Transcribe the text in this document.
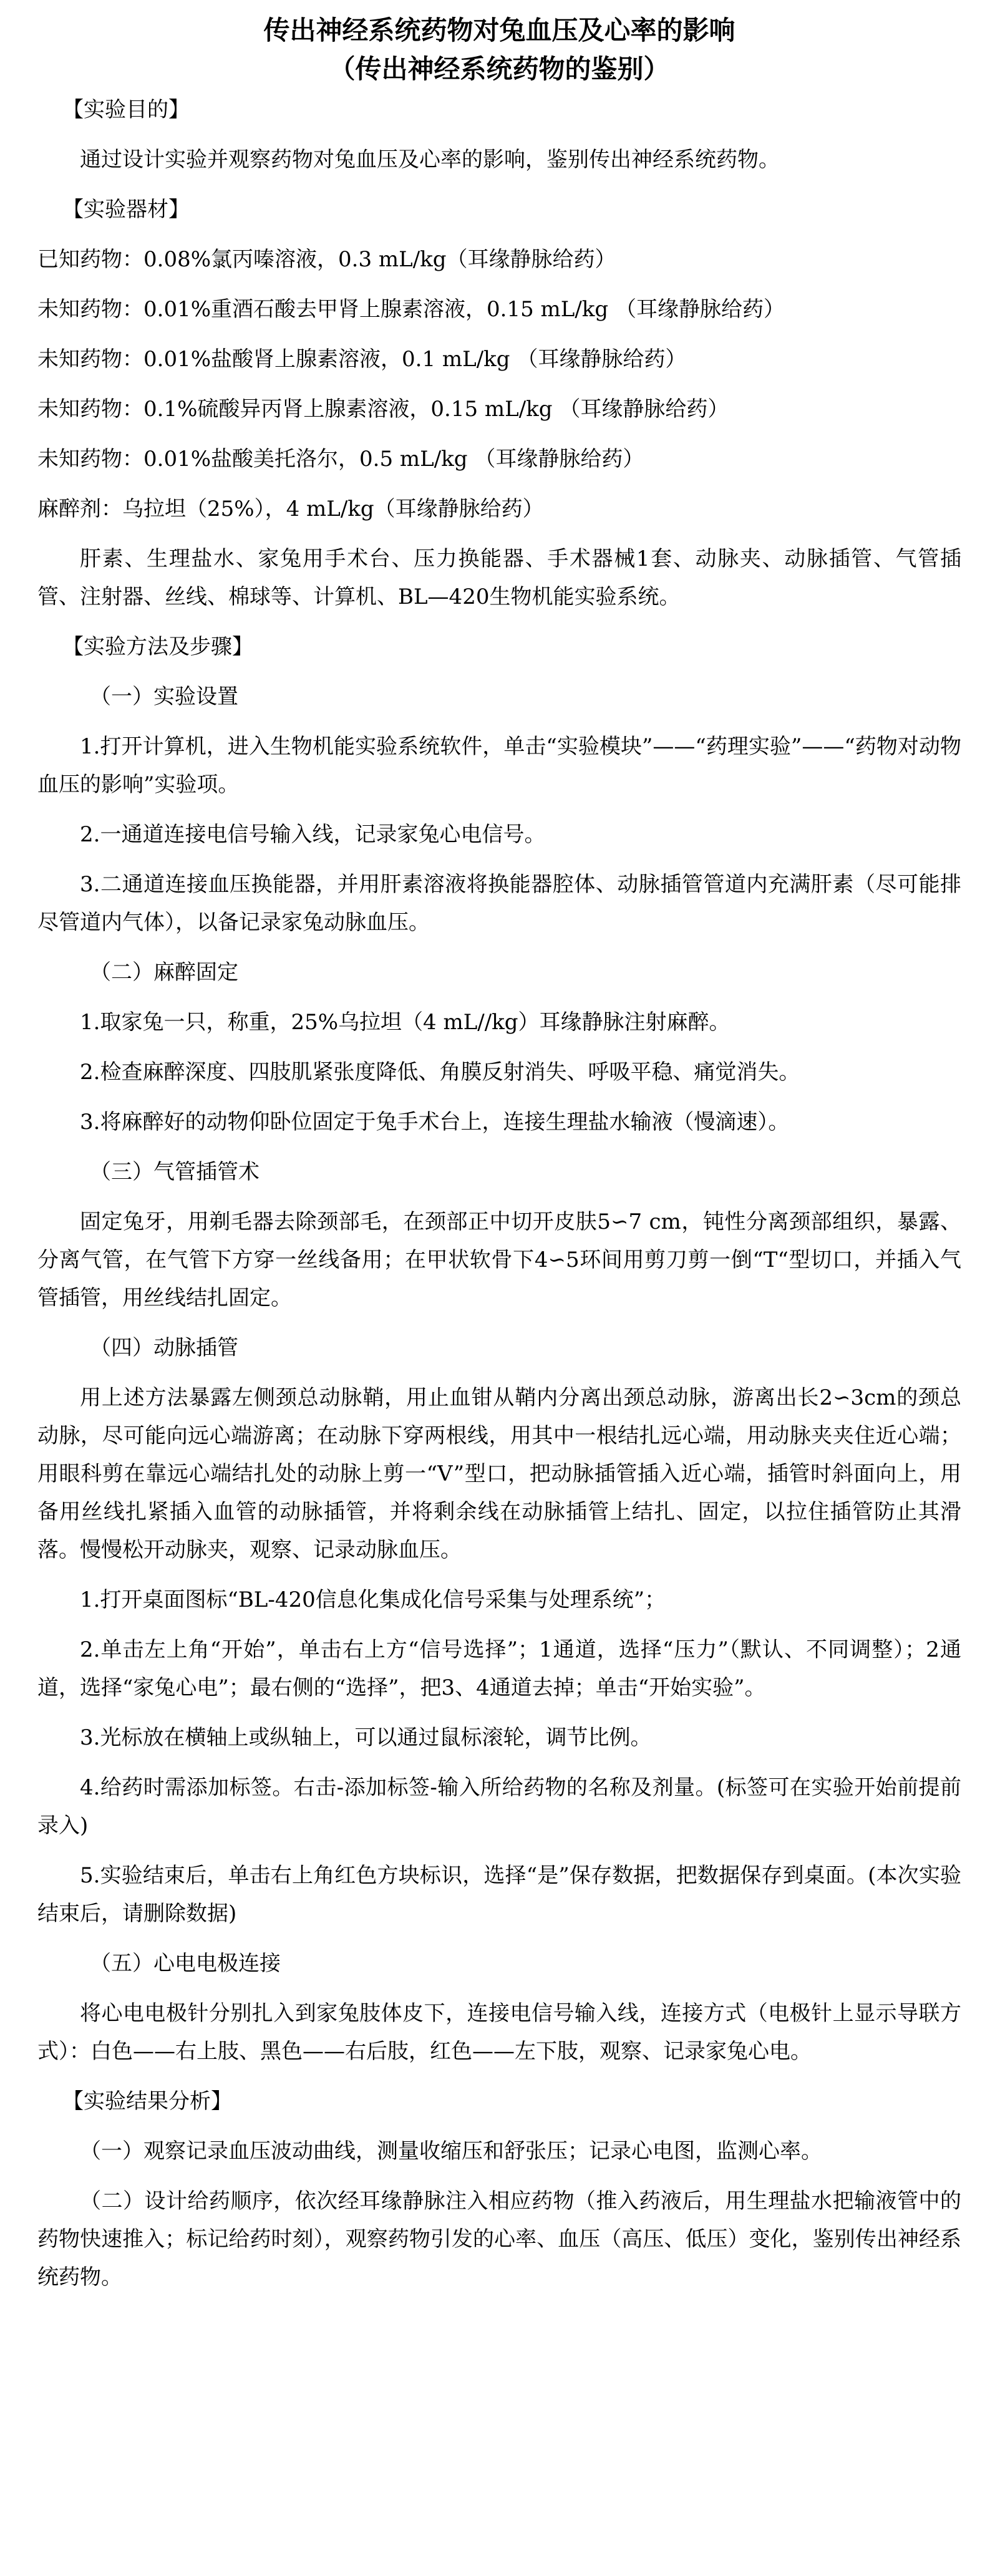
传出神经系统药物对兔血压及心率的影响
（传出神经系统药物的鉴别）

【实验目的】

通过设计实验并观察药物对兔血压及心率的影响，鉴别传出神经系统药物。

【实验器材】

已知药物：0.08%氯丙嗪溶液，0.3 mL/kg（耳缘静脉给药）

未知药物：0.01%重酒石酸去甲肾上腺素溶液，0.15 mL/kg （耳缘静脉给药）

未知药物：0.01%盐酸肾上腺素溶液，0.1 mL/kg （耳缘静脉给药）

未知药物：0.1%硫酸异丙肾上腺素溶液，0.15 mL/kg （耳缘静脉给药）

未知药物：0.01%盐酸美托洛尔，0.5 mL/kg （耳缘静脉给药）

麻醉剂：乌拉坦（25%），4 mL/kg（耳缘静脉给药）

肝素、生理盐水、家兔用手术台、压力换能器、手术器械1套、动脉夹、动脉插管、气管插管、注射器、丝线、棉球等、计算机、BL—420生物机能实验系统。

【实验方法及步骤】

（一）实验设置

1.打开计算机，进入生物机能实验系统软件，单击“实验模块”——“药理实验”——“药物对动物血压的影响”实验项。

2.一通道连接电信号输入线，记录家兔心电信号。

3.二通道连接血压换能器，并用肝素溶液将换能器腔体、动脉插管管道内充满肝素（尽可能排尽管道内气体），以备记录家兔动脉血压。

（二）麻醉固定

1.取家兔一只，称重，25%乌拉坦（4 mL//kg）耳缘静脉注射麻醉。

2.检查麻醉深度、四肢肌紧张度降低、角膜反射消失、呼吸平稳、痛觉消失。

3.将麻醉好的动物仰卧位固定于兔手术台上，连接生理盐水输液（慢滴速）。

（三）气管插管术

固定兔牙，用剃毛器去除颈部毛，在颈部正中切开皮肤5∽7 cm，钝性分离颈部组织，暴露、分离气管，在气管下方穿一丝线备用；在甲状软骨下4∽5环间用剪刀剪一倒“T“型切口，并插入气管插管，用丝线结扎固定。

（四）动脉插管

用上述方法暴露左侧颈总动脉鞘，用止血钳从鞘内分离出颈总动脉，游离出长2∽3cm的颈总动脉，尽可能向远心端游离；在动脉下穿两根线，用其中一根结扎远心端，用动脉夹夹住近心端；用眼科剪在靠远心端结扎处的动脉上剪一“V”型口，把动脉插管插入近心端，插管时斜面向上，用备用丝线扎紧插入血管的动脉插管，并将剩余线在动脉插管上结扎、固定，以拉住插管防止其滑落。慢慢松开动脉夹，观察、记录动脉血压。

1.打开桌面图标“BL-420信息化集成化信号采集与处理系统”；

2.单击左上角“开始”，单击右上方“信号选择”；1通道，选择“压力”（默认、不同调整）；2通道，选择“家兔心电”；最右侧的“选择”，把3、4通道去掉；单击“开始实验”。

3.光标放在横轴上或纵轴上，可以通过鼠标滚轮，调节比例。

4.给药时需添加标签。右击-添加标签-输入所给药物的名称及剂量。(标签可在实验开始前提前录入)

5.实验结束后，单击右上角红色方块标识，选择“是”保存数据，把数据保存到桌面。(本次实验结束后，请删除数据)

（五）心电电极连接

将心电电极针分别扎入到家兔肢体皮下，连接电信号输入线，连接方式（电极针上显示导联方式）：白色——右上肢、黑色——右后肢，红色——左下肢，观察、记录家兔心电。

【实验结果分析】

（一）观察记录血压波动曲线，测量收缩压和舒张压；记录心电图，监测心率。

（二）设计给药顺序，依次经耳缘静脉注入相应药物（推入药液后，用生理盐水把输液管中的药物快速推入；标记给药时刻），观察药物引发的心率、血压（高压、低压）变化，鉴别传出神经系统药物。
